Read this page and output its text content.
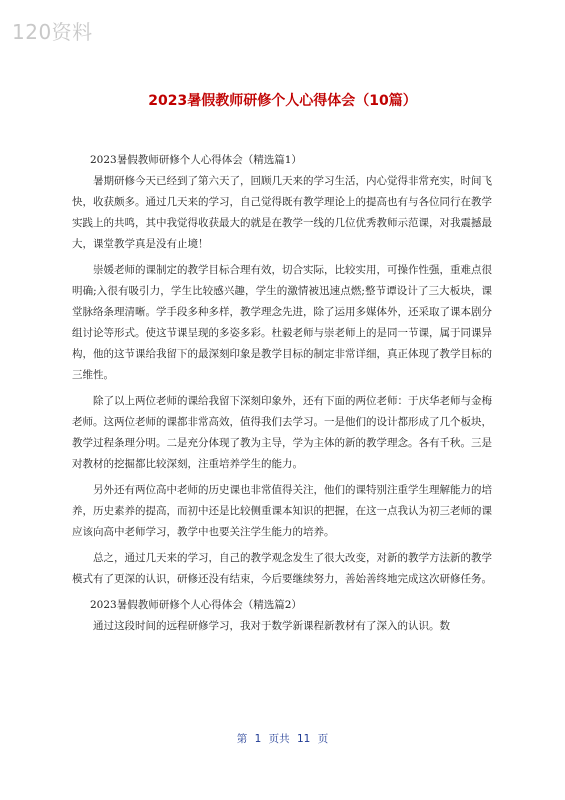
120资料
2023暑假教师研修个人心得体会（10篇）

2023暑假教师研修个人心得体会（精选篇1）

暑期研修今天已经到了第六天了，回顾几天来的学习生活，内心觉得非常充实，时间飞快，收获颇多。通过几天来的学习，自己觉得既有教学理论上的提高也有与各位同行在教学实践上的共鸣，其中我觉得收获最大的就是在教学一线的几位优秀教师示范课，对我震撼最大，课堂教学真是没有止境！

崇媛老师的课制定的教学目标合理有效，切合实际，比较实用，可操作性强，重难点很明确;入很有吸引力，学生比较感兴趣，学生的激情被迅速点燃;整节谭设计了三大板块，课堂脉络条理清晰。学手段多种多样，教学理念先进，除了运用多媒体外，还采取了课本剧分组讨论等形式。使这节课呈现的多姿多彩。杜毅老师与崇老师上的是同一节课，属于同课异构，他的这节课给我留下的最深刻印象是教学目标的制定非常详细，真正体现了教学目标的三维性。

除了以上两位老师的课给我留下深刻印象外，还有下面的两位老师：于庆华老师与金梅老师。这两位老师的课都非常高效，值得我们去学习。一是他们的设计都形成了几个板块，教学过程条理分明。二是充分体现了教为主导，学为主体的新的教学理念。各有千秋。三是对教材的挖掘都比较深刻，注重培养学生的能力。

另外还有两位高中老师的历史课也非常值得关注，他们的课特别注重学生理解能力的培养，历史素养的提高，而初中还是比较侧重课本知识的把握，在这一点我认为初三老师的课应该向高中老师学习，教学中也要关注学生能力的培养。

总之，通过几天来的学习，自己的教学观念发生了很大改变，对新的教学方法新的教学模式有了更深的认识，研修还没有结束，今后要继续努力，善始善终地完成这次研修任务。

2023暑假教师研修个人心得体会（精选篇2）

通过这段时间的远程研修学习，我对于数学新课程新教材有了深入的认识。数

第 1 页共 11 页
